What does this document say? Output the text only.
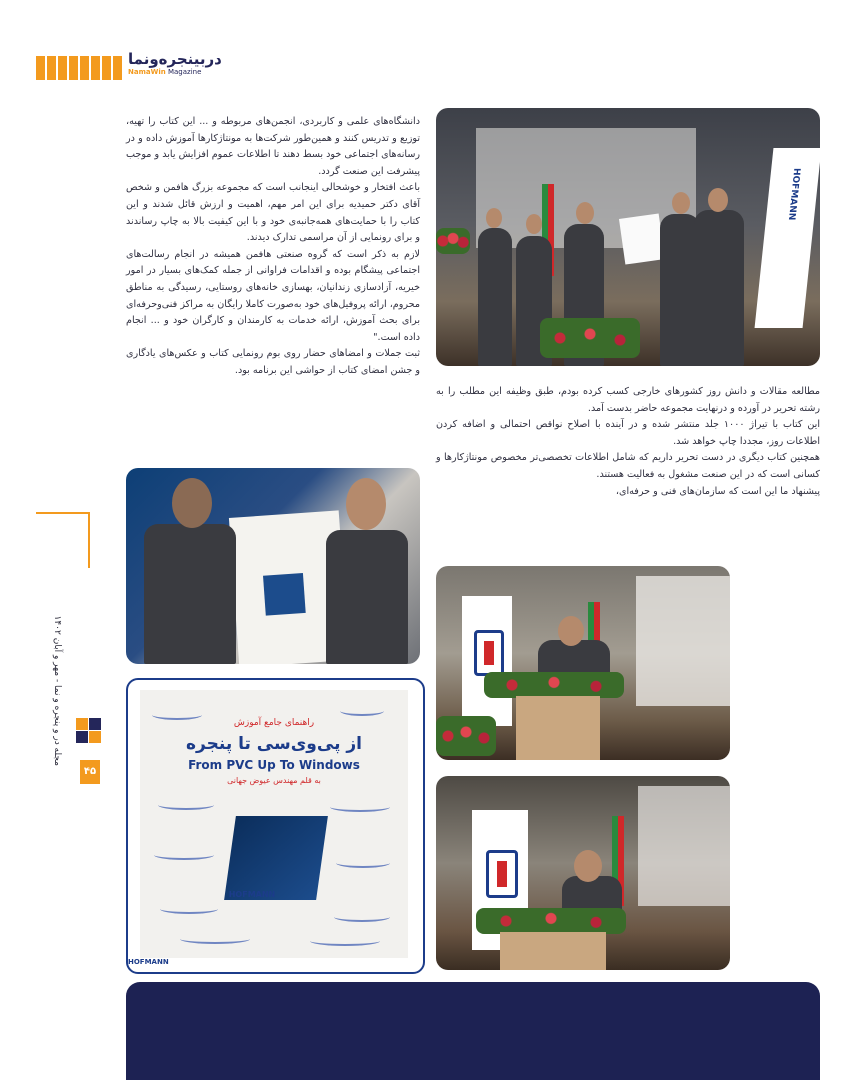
دربینجره‌ونما
NamaWin Magazine
HOFMANN

مطالعه مقالات و دانش روز کشورهای خارجی کسب کرده بودم، طبق وظیفه این مطلب را به رشته تحریر در آورده و درنهایت مجموعه حاضر بدست آمد.

این کتاب با تیراژ ۱۰۰۰ جلد منتشر شده و در آینده با اصلاح نواقص احتمالی و اضافه کردن اطلاعات روز، مجددا چاپ خواهد شد.

همچنین کتاب دیگری در دست تحریر داریم که شامل اطلاعات تخصصی‌تر مخصوص مونتاژکارها و کسانی است که در این صنعت مشغول به فعالیت هستند.

پیشنهاد ما این است که سازمان‌های فنی و حرفه‌ای،

دانشگاه‌های علمی و کاربردی، انجمن‌های مربوطه و ... این کتاب را تهیه، توزیع و تدریس کنند و همین‌طور شرکت‌ها به مونتاژکارها آموزش داده و در رسانه‌های اجتماعی خود بسط دهند تا اطلاعات عموم افزایش یابد و موجب پیشرفت این صنعت گردد.

باعث افتخار و خوشحالی اینجانب است که مجموعه بزرگ هافمن و شخص آقای دکتر حمیدیه برای این امر مهم، اهمیت و ارزش قائل شدند و این کتاب را با حمایت‌های همه‌جانبه‌ی خود و با این کیفیت بالا به چاپ رساندند و برای رونمایی از آن مراسمی تدارک دیدند.

لازم به ذکر است که گروه صنعتی هافمن همیشه در انجام رسالت‌های اجتماعی پیشگام بوده و اقدامات فراوانی از جمله کمک‌های بسیار در امور خیریه، آزادسازی زندانیان، بهسازی خانه‌های روستایی، رسیدگی به مناطق محروم، ارائه پروفیل‌های خود به‌صورت کاملا رایگان به مراکز فنی‌وحرفه‌ای برای بحث آموزش، ارائه خدمات به کارمندان و کارگران خود و ... انجام داده است."

ثبت جملات و امضاهای حضار روی بوم رونمایی کتاب و عکس‌های یادگاری و جشن امضای کتاب از حواشی این برنامه بود.

راهنمای جامع آموزش
از پی‌وی‌سی تا پنجره
From PVC Up To Windows
به قلم مهندس عیوض جهانی
HOFMANN
HOFMANN
مجله در و پنجره و نما - مهر و آبان ۱۴۰۲
۴۵
